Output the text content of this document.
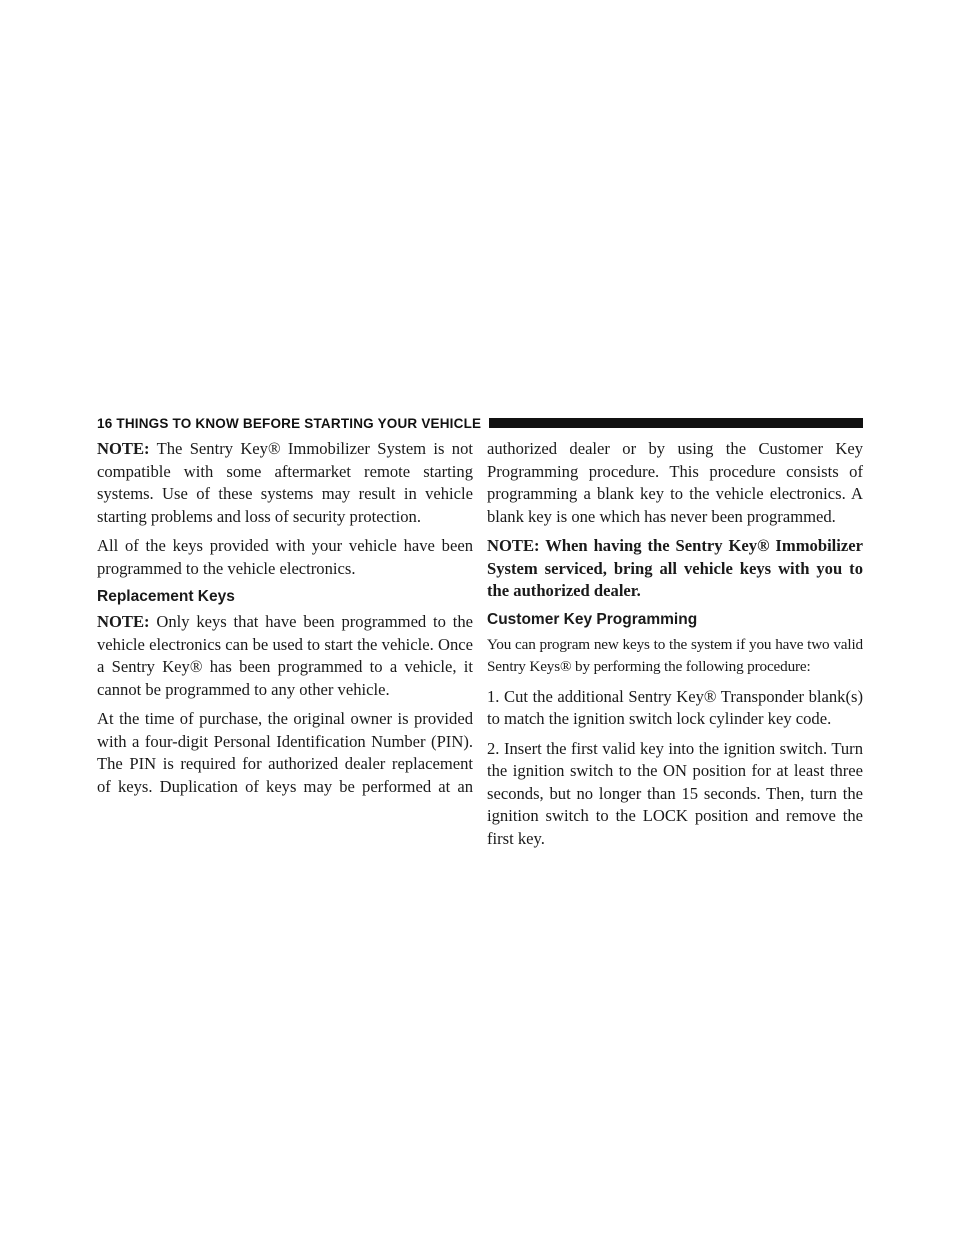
16 THINGS TO KNOW BEFORE STARTING YOUR VEHICLE

NOTE: The Sentry Key® Immobilizer System is not compatible with some aftermarket remote starting systems. Use of these systems may result in vehicle starting problems and loss of security protection.

All of the keys provided with your vehicle have been programmed to the vehicle electronics.

Replacement Keys

NOTE: Only keys that have been programmed to the vehicle electronics can be used to start the vehicle. Once a Sentry Key® has been programmed to a vehicle, it cannot be programmed to any other vehicle.

At the time of purchase, the original owner is provided with a four-digit Personal Identification Number (PIN). The PIN is required for authorized dealer replacement of keys. Duplication of keys may be performed at an

authorized dealer or by using the Customer Key Programming procedure. This procedure consists of programming a blank key to the vehicle electronics. A blank key is one which has never been programmed.

NOTE: When having the Sentry Key® Immobilizer System serviced, bring all vehicle keys with you to the authorized dealer.

Customer Key Programming

You can program new keys to the system if you have two valid Sentry Keys® by performing the following procedure:

1. Cut the additional Sentry Key® Transponder blank(s) to match the ignition switch lock cylinder key code.

2. Insert the first valid key into the ignition switch. Turn the ignition switch to the ON position for at least three seconds, but no longer than 15 seconds. Then, turn the ignition switch to the LOCK position and remove the first key.
